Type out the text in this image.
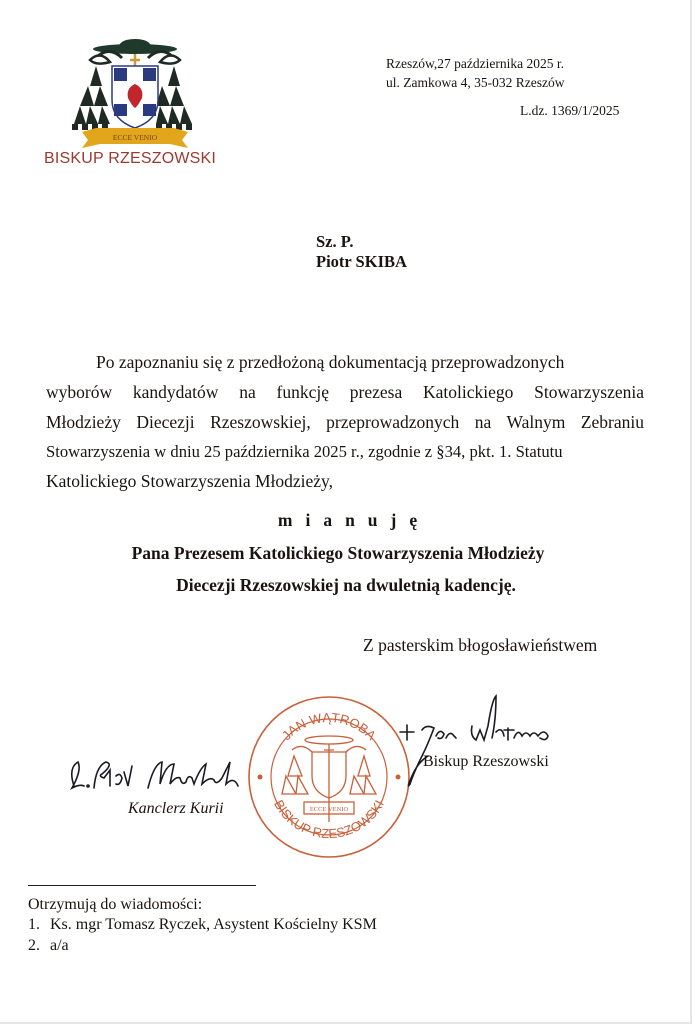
ECCE VENIO
BISKUP RZESZOWSKI
Rzeszów,27 października 2025 r.
ul. Zamkowa 4, 35-032 Rzeszów
L.dz. 1369/1/2025
Sz. P.
Piotr SKIBA
Po zapoznaniu się z przedłożoną dokumentacją przeprowadzonych
wyborów kandydatów na funkcję prezesa Katolickiego Stowarzyszenia
Młodzieży Diecezji Rzeszowskiej, przeprowadzonych na Walnym Zebraniu
Stowarzyszenia w dniu 25 października 2025 r., zgodnie z §34, pkt. 1. Statutu
Katolickiego Stowarzyszenia Młodzieży,
mianuję
Pana Prezesem Katolickiego Stowarzyszenia Młodzieży
Diecezji Rzeszowskiej na dwuletnią kadencję.
Z pasterskim błogosławieństwem
JAN WĄTROBA
BISKUP RZESZOWSKI
ECCE VENIO
Kanclerz Kurii
Biskup Rzeszowski
Otrzymują do wiadomości:
1. Ks. mgr Tomasz Ryczek, Asystent Kościelny KSM
2. a/a
